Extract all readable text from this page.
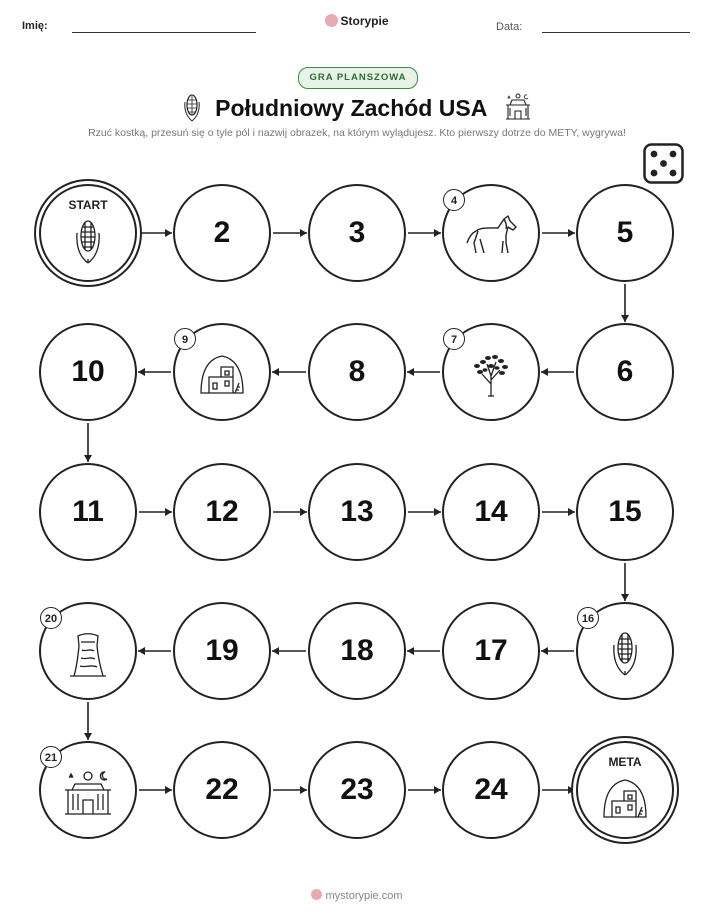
Imię:	Storypie	Data:
GRA PLANSZOWA
Południowy Zachód USA
Rzuć kostką, przesuń się o tyle pól i nazwij obrazek, na którym wylądujesz. Kto pierwszy dotrze do METY, wygrywa!
START
2	3
4
5
6
7
8
9
10
11	12	13	14	15
16
17
18
19
20
21
22	23	24
META
mystorypie.com
